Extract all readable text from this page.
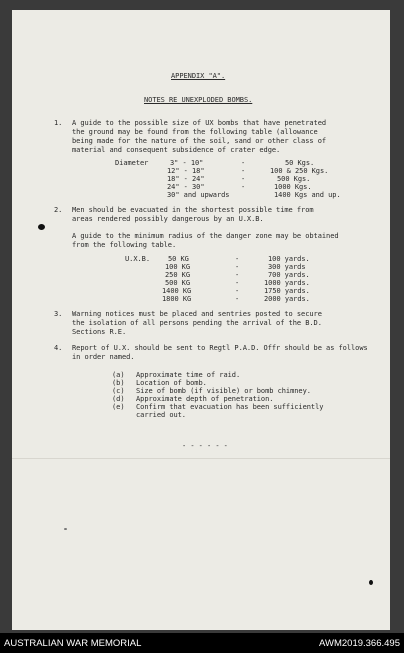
APPENDIX "A".
NOTES RE UNEXPLODED BOMBS.
1. A guide to the possible size of UX bombs that have penetrated
the ground may be found from the following table (allowance
being made for the nature of the soil, sand or other class of
material and consequent subsidence of crater edge.
Diameter	3" - 10"	-	50 Kgs.
12" - 18"	-	100 & 250 Kgs.
18" - 24"	-	500 Kgs.
24" - 30"	-	1000 Kgs.
30" and upwards	1400 Kgs and up.
2. Men should be evacuated in the shortest possible time from
areas rendered possibly dangerous by an U.X.B.
A guide to the minimum radius of the danger zone may be obtained
from the following table.
U.X.B.	50 KG	-	100 yards.
100 KG	-	300 yards
250 KG	-	700 yards.
500 KG	-	1000 yards.
1400 KG	-	1750 yards.
1800 KG	-	2000 yards.
3. Warning notices must be placed and sentries posted to secure
the isolation of all persons pending the arrival of the B.D.
Sections R.E.
4. Report of U.X. should be sent to Regtl P.A.D. Offr should be as follows
in order named.
(a) Approximate time of raid.
(b) Location of bomb.
(c) Size of bomb (if visible) or bomb chimney.
(d) Approximate depth of penetration.
(e) Confirm that evacuation has been sufficiently
carried out.
- - - - - -
AUSTRALIAN WAR MEMORIAL	AWM2019.366.495
